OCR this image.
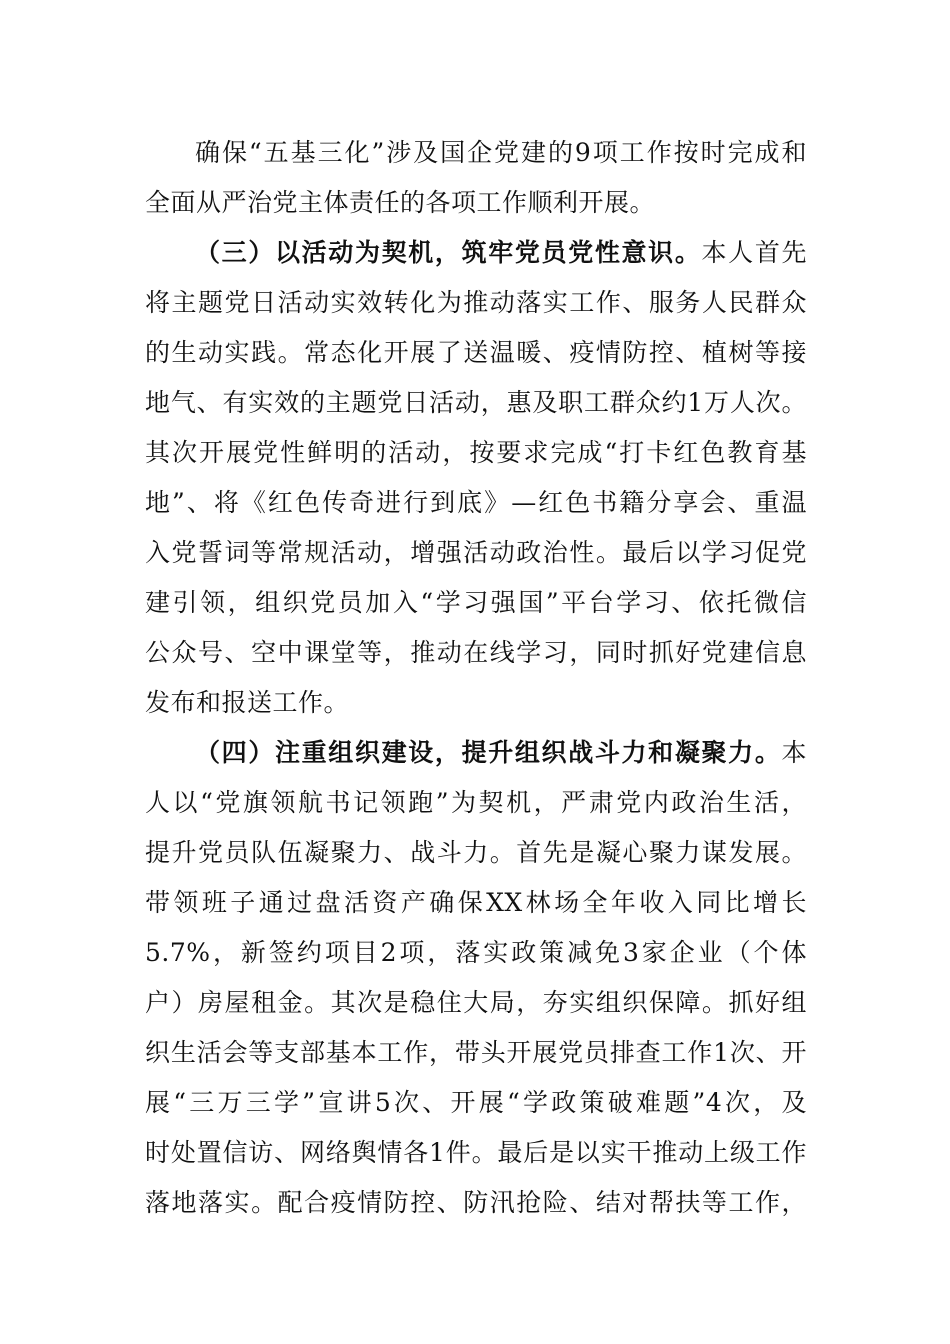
确保“五基三化”涉及国企党建的9项工作按时完成和
全面从严治党主体责任的各项工作顺利开展。
（三）以活动为契机，筑牢党员党性意识。本人首先
将主题党日活动实效转化为推动落实工作、服务人民群众
的生动实践。常态化开展了送温暖、疫情防控、植树等接
地气、有实效的主题党日活动，惠及职工群众约1万人次。
其次开展党性鲜明的活动，按要求完成“打卡红色教育基
地”、将《红色传奇进行到底》—红色书籍分享会、重温
入党誓词等常规活动，增强活动政治性。最后以学习促党
建引领，组织党员加入“学习强国”平台学习、依托微信
公众号、空中课堂等，推动在线学习，同时抓好党建信息
发布和报送工作。
（四）注重组织建设，提升组织战斗力和凝聚力。本
人以“党旗领航书记领跑”为契机，严肃党内政治生活，
提升党员队伍凝聚力、战斗力。首先是凝心聚力谋发展。
带领班子通过盘活资产确保XX林场全年收入同比增长
5.7%，新签约项目2项，落实政策减免3家企业（个体
户）房屋租金。其次是稳住大局，夯实组织保障。抓好组
织生活会等支部基本工作，带头开展党员排查工作1次、开
展“三万三学”宣讲5次、开展“学政策破难题”4次，及
时处置信访、网络舆情各1件。最后是以实干推动上级工作
落地落实。配合疫情防控、防汛抢险、结对帮扶等工作，
